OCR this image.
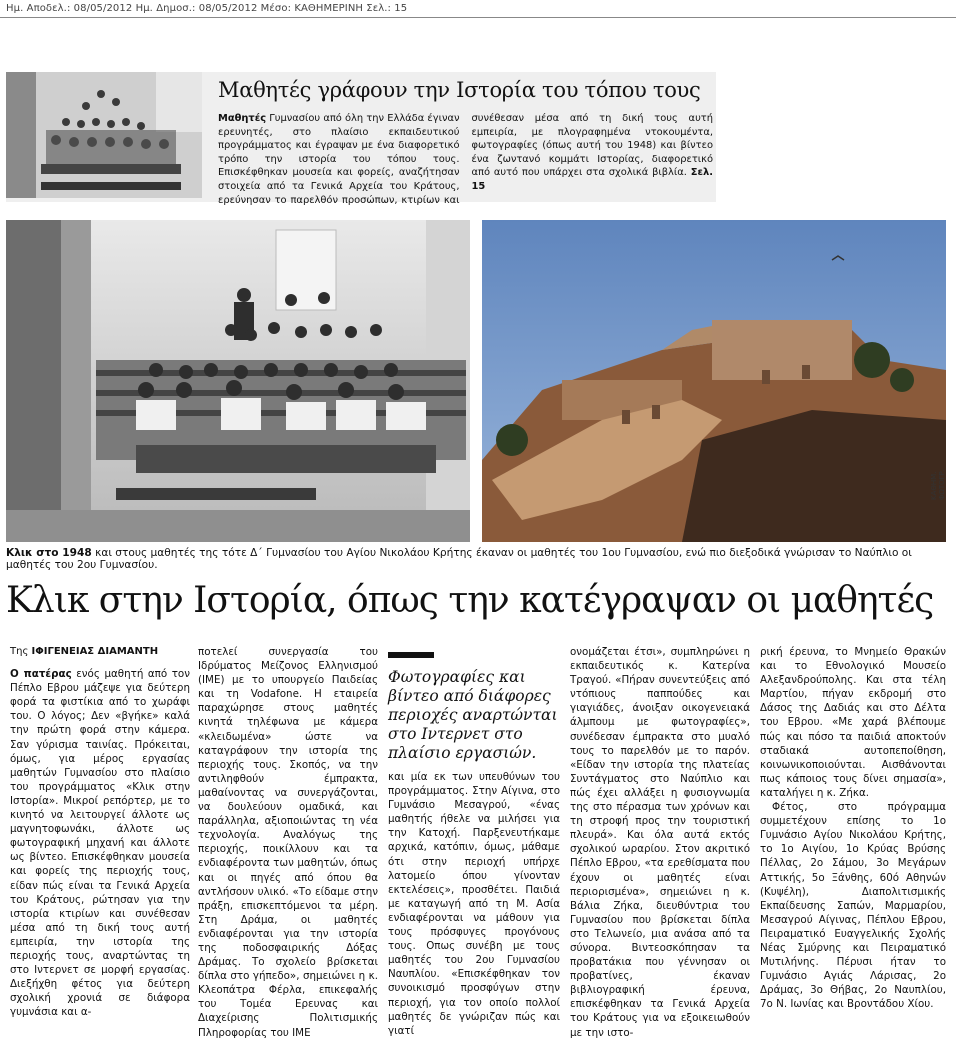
Ημ. Αποδελ.: 08/05/2012 Ημ. Δημοσ.: 08/05/2012 Μέσο: ΚΑΘΗΜΕΡΙΝΗ Σελ.: 15
Μαθητές γράφουν την Ιστορία του τόπου τους
Μαθητές Γυμνασίου από όλη την Ελλάδα έγιναν ερευνητές, στο πλαίσιο εκπαιδευτικού προγράμματος και έγραψαν με ένα διαφορετικό τρόπο την ιστορία του τόπου τους. Επισκέφθηκαν μουσεία και φορείς, αναζήτησαν στοιχεία από τα Γενικά Αρχεία του Κράτους, ερεύνησαν το παρελθόν προσώπων, κτιρίων και συνέθεσαν μέσα από τη δική τους αυτή εμπειρία, με πλογραφημένα ντοκουμέντα, φωτογραφίες (όπως αυτή του 1948) και βίντεο ένα ζωντανό κομμάτι Ιστορίας, διαφορετικό από αυτό που υπάρχει στα σχολικά βιβλία. Σελ. 15
ΚΑΘΗΜ. ΦΩΤΟΓΡ.
Κλικ στο 1948 και στους μαθητές της τότε Δ΄ Γυμνασίου του Αγίου Νικολάου Κρήτης έκαναν οι μαθητές του 1ου Γυμνασίου, ενώ πιο διεξοδικά γνώρισαν το Ναύπλιο οι μαθητές του 2ου Γυμνασίου.
Κλικ στην Ιστορία, όπως την κατέγραψαν οι μαθητές

Της ΙΦΙΓΕΝΕΙΑΣ ΔΙΑΜΑΝΤΗ

Ο πατέρας ενός μαθητή από τον Πέπλο Εβρου μάζεψε για δεύτερη φορά τα φιστίκια από το χωράφι του. Ο λόγος; Δεν «βγήκε» καλά την πρώτη φορά στην κάμερα. Σαν γύρισμα ταινίας. Πρόκειται, όμως, για μέρος εργασίας μαθητών Γυμνασίου στο πλαίσιο του προγράμματος «Κλικ στην Ιστορία». Μικροί ρεπόρτερ, με το κινητό να λειτουργεί άλλοτε ως μαγνητοφωνάκι, άλλοτε ως φωτογραφική μηχανή και άλλοτε ως βίντεο. Επισκέφθηκαν μουσεία και φορείς της περιοχής τους, είδαν πώς είναι τα Γενικά Αρχεία του Κράτους, ρώτησαν για την ιστορία κτιρίων και συνέθεσαν μέσα από τη δική τους αυτή εμπειρία, την ιστορία της περιοχής τους, αναρτώντας τη στο Ιντερνετ σε μορφή εργασίας. Διεξήχθη φέτος για δεύτερη σχολική χρονιά σε διάφορα γυμνάσια και α-

ποτελεί συνεργασία του Ιδρύματος Μείζονος Ελληνισμού (ΙΜΕ) με το υπουργείο Παιδείας και τη Vodafone. Η εταιρεία παραχώρησε στους μαθητές κινητά τηλέφωνα με κάμερα «κλειδωμένα» ώστε να καταγράφουν την ιστορία της περιοχής τους. Σκοπός, να την αντιληφθούν έμπρακτα, μαθαίνοντας να συνεργάζονται, να δουλεύουν ομαδικά, και παράλληλα, αξιοποιώντας τη νέα τεχνολογία. Αναλόγως της περιοχής, ποικίλλουν και τα ενδιαφέροντα των μαθητών, όπως και οι πηγές από όπου θα αντλήσουν υλικό. «Το είδαμε στην πράξη, επισκεπτόμενοι τα μέρη. Στη Δράμα, οι μαθητές ενδιαφέρονται για την ιστορία της ποδοσφαιρικής Δόξας Δράμας. Το σχολείο βρίσκεται δίπλα στο γήπεδο», σημειώνει η κ. Κλεοπάτρα Φέρλα, επικεφαλής του Τομέα Ερευνας και Διαχείρισης Πολιτισμικής Πληροφορίας του ΙΜΕ

Φωτογραφίες και βίντεο από διάφορες περιοχές αναρτώνται στο Ιντερνετ στο πλαίσιο εργασιών.

και μία εκ των υπευθύνων του προγράμματος. Στην Αίγινα, στο Γυμνάσιο Μεσαγρού, «ένας μαθητής ήθελε να μιλήσει για την Κατοχή. Παρξενευτήκαμε αρχικά, κατόπιν, όμως, μάθαμε ότι στην περιοχή υπήρχε λατομείο όπου γίνονταν εκτελέσεις», προσθέτει. Παιδιά με καταγωγή από τη Μ. Ασία ενδιαφέρονται να μάθουν για τους πρόσφυγες προγόνους τους. Οπως συνέβη με τους μαθητές του 2ου Γυμνασίου Ναυπλίου. «Επισκέφθηκαν τον συνοικισμό προσφύγων στην περιοχή, για τον οποίο πολλοί μαθητές δε γνώριζαν πώς και γιατί

ονομάζεται έτσι», συμπληρώνει η εκπαιδευτικός κ. Κατερίνα Τραγού. «Πήραν συνεντεύξεις από ντόπιους παππούδες και γιαγιάδες, άνοιξαν οικογενειακά άλμπουμ με φωτογραφίες», συνέδεσαν έμπρακτα στο μυαλό τους το παρελθόν με το παρόν. «Είδαν την ιστορία της πλατείας Συντάγματος στο Ναύπλιο και πώς έχει αλλάξει η φυσιογνωμία της στο πέρασμα των χρόνων και τη στροφή προς την τουριστική πλευρά». Και όλα αυτά εκτός σχολικού ωραρίου. Στον ακριτικό Πέπλο Εβρου, «τα ερεθίσματα που έχουν οι μαθητές είναι περιορισμένα», σημειώνει η κ. Βάλια Ζήκα, διευθύντρια του Γυμνασίου που βρίσκεται δίπλα στο Τελωνείο, μια ανάσα από τα σύνορα. Βιντεοσκόπησαν τα προβατάκια που γέννησαν οι προβατίνες, έκαναν βιβλιογραφική έρευνα, επισκέφθηκαν τα Γενικά Αρχεία του Κράτους για να εξοικειωθούν με την ιστο-

ρική έρευνα, το Μνημείο Θρακών και το Εθνολογικό Μουσείο Αλεξανδρούπολης. Και στα τέλη Μαρτίου, πήγαν εκδρομή στο Δάσος της Δαδιάς και στο Δέλτα του Εβρου. «Με χαρά βλέπουμε πώς και πόσο τα παιδιά αποκτούν σταδιακά αυτοπεποίθηση, κοινωνικοποιούνται. Αισθάνονται πως κάποιος τους δίνει σημασία», καταλήγει η κ. Ζήκα.

Φέτος, στο πρόγραμμα συμμετέχουν επίσης το 1ο Γυμνάσιο Αγίου Νικολάου Κρήτης, το 1ο Αιγίου, 1ο Κρύας Βρύσης Πέλλας, 2ο Σάμου, 3ο Μεγάρων Αττικής, 5ο Ξάνθης, 60ό Αθηνών (Κυψέλη), Διαπολιτισμικής Εκπαίδευσης Σαπών, Μαρμαρίου, Μεσαγρού Αίγινας, Πέπλου Εβρου, Πειραματικό Ευαγγελικής Σχολής Νέας Σμύρνης και Πειραματικό Μυτιλήνης. Πέρυσι ήταν το Γυμνάσιο Αγιάς Λάρισας, 2ο Δράμας, 3ο Θήβας, 2ο Ναυπλίου, 7ο Ν. Ιωνίας και Βροντάδου Χίου.
